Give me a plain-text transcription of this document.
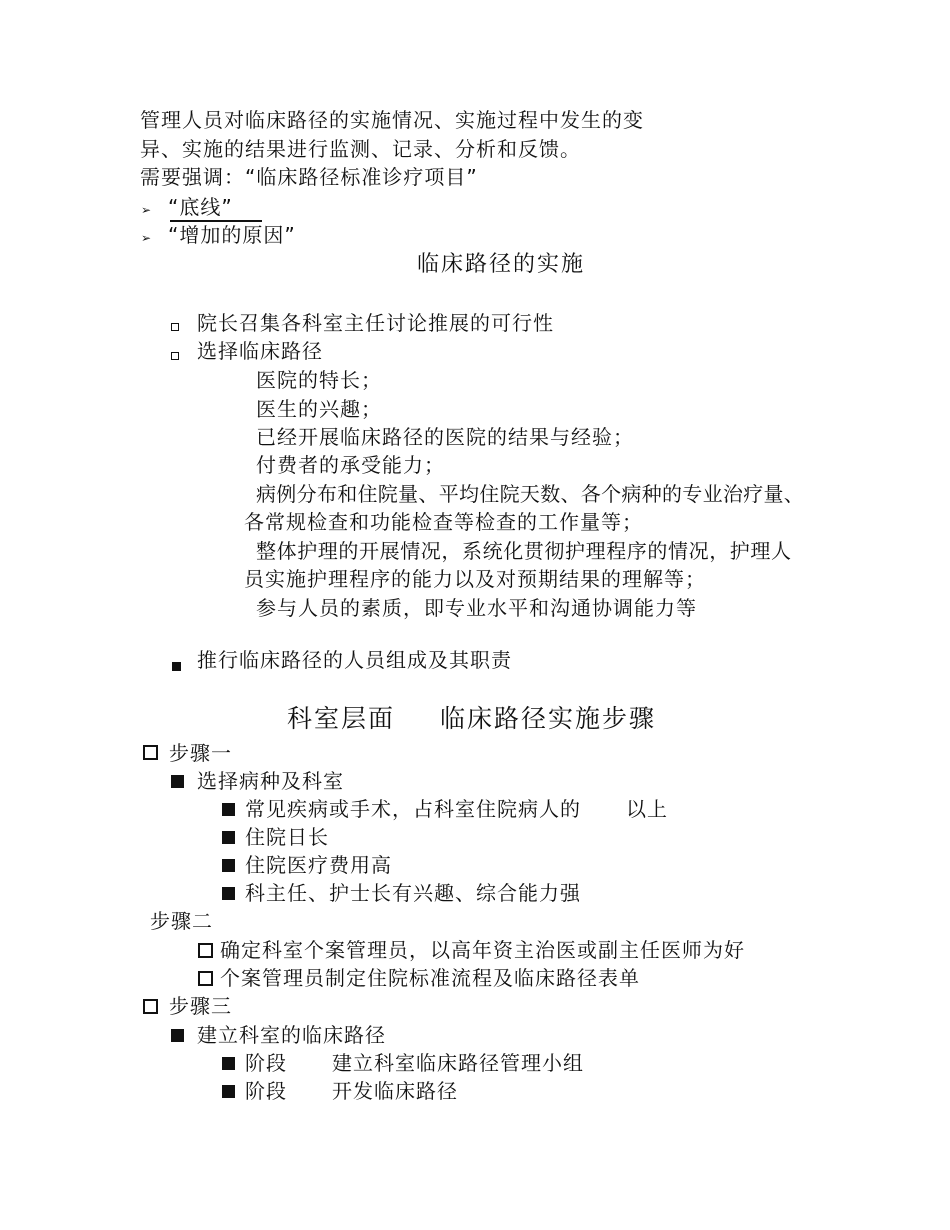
管理人员对临床路径的实施情况、实施过程中发生的变
异、实施的结果进行监测、记录、分析和反馈。
需要强调：“临床路径标准诊疗项目”
➢ “底线”
➢ “增加的原因”
临床路径的实施
院长召集各科室主任讨论推展的可行性
选择临床路径
医院的特长；
医生的兴趣；
已经开展临床路径的医院的结果与经验；
付费者的承受能力；
病例分布和住院量、平均住院天数、各个病种的专业治疗量、
各常规检查和功能检查等检查的工作量等；
整体护理的开展情况，系统化贯彻护理程序的情况，护理人
员实施护理程序的能力以及对预期结果的理解等；
参与人员的素质，即专业水平和沟通协调能力等
推行临床路径的人员组成及其职责
科室层面 临床路径实施步骤
步骤一
选择病种及科室
常见疾病或手术，占科室住院病人的 以上
住院日长
住院医疗费用高
科主任、护士长有兴趣、综合能力强
步骤二
确定科室个案管理员，以高年资主治医或副主任医师为好
个案管理员制定住院标准流程及临床路径表单
步骤三
建立科室的临床路径
阶段 建立科室临床路径管理小组
阶段 开发临床路径
